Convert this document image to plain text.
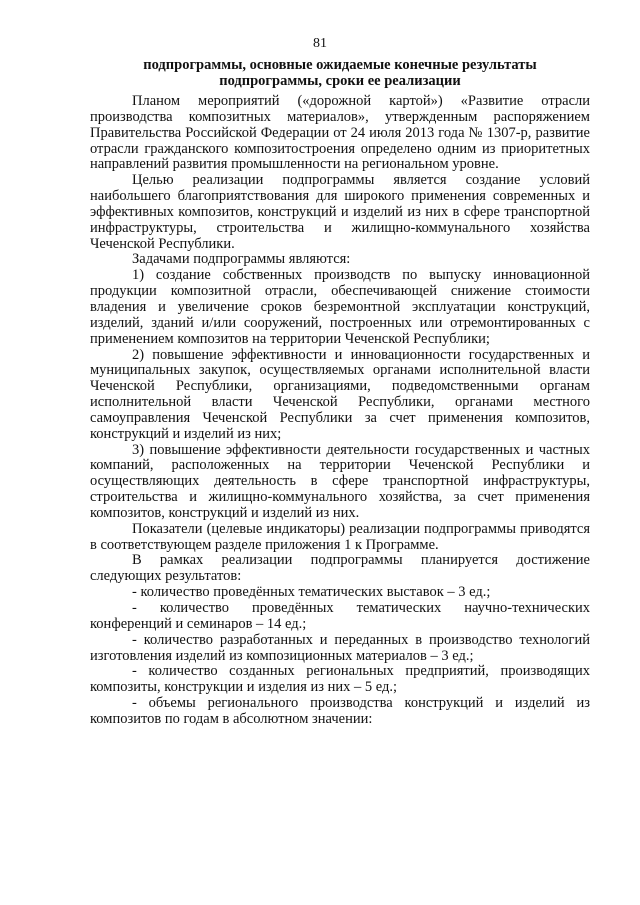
81
подпрограммы, основные ожидаемые конечные результаты
подпрограммы, сроки ее реализации

Планом мероприятий («дорожной картой») «Развитие отрасли производства композитных материалов», утвержденным распоряжением Правительства Российской Федерации от 24 июля 2013 года № 1307-р, развитие отрасли гражданского композитостроения определено одним из приоритетных направлений развития промышленности на региональном уровне.

Целью реализации подпрограммы является создание условий наибольшего благоприятствования для широкого применения современных и эффективных композитов, конструкций и изделий из них в сфере транспортной инфраструктуры, строительства и жилищно-коммунального хозяйства Чеченской Республики.

Задачами подпрограммы являются:

1) создание собственных производств по выпуску инновационной продукции композитной отрасли, обеспечивающей снижение стоимости владения и увеличение сроков безремонтной эксплуатации конструкций, изделий, зданий и/или сооружений, построенных или отремонтированных с применением композитов на территории Чеченской Республики;

2) повышение эффективности и инновационности государственных и муниципальных закупок, осуществляемых органами исполнительной власти Чеченской Республики, организациями, подведомственными органам исполнительной власти Чеченской Республики, органами местного самоуправления Чеченской Республики за счет применения композитов, конструкций и изделий из них;

3) повышение эффективности деятельности государственных и частных компаний, расположенных на территории Чеченской Республики и осуществляющих деятельность в сфере транспортной инфраструктуры, строительства и жилищно-коммунального хозяйства, за счет применения композитов, конструкций и изделий из них.

Показатели (целевые индикаторы) реализации подпрограммы приводятся в соответствующем разделе приложения 1 к Программе.

В рамках реализации подпрограммы планируется достижение следующих результатов:

- количество проведённых тематических выставок – 3 ед.;

- количество проведённых тематических научно-технических конференций и семинаров – 14 ед.;

- количество разработанных и переданных в производство технологий изготовления изделий из композиционных материалов – 3 ед.;

- количество созданных региональных предприятий, производящих композиты, конструкции и изделия из них – 5 ед.;

- объемы регионального производства конструкций и изделий из композитов по годам в абсолютном значении:
